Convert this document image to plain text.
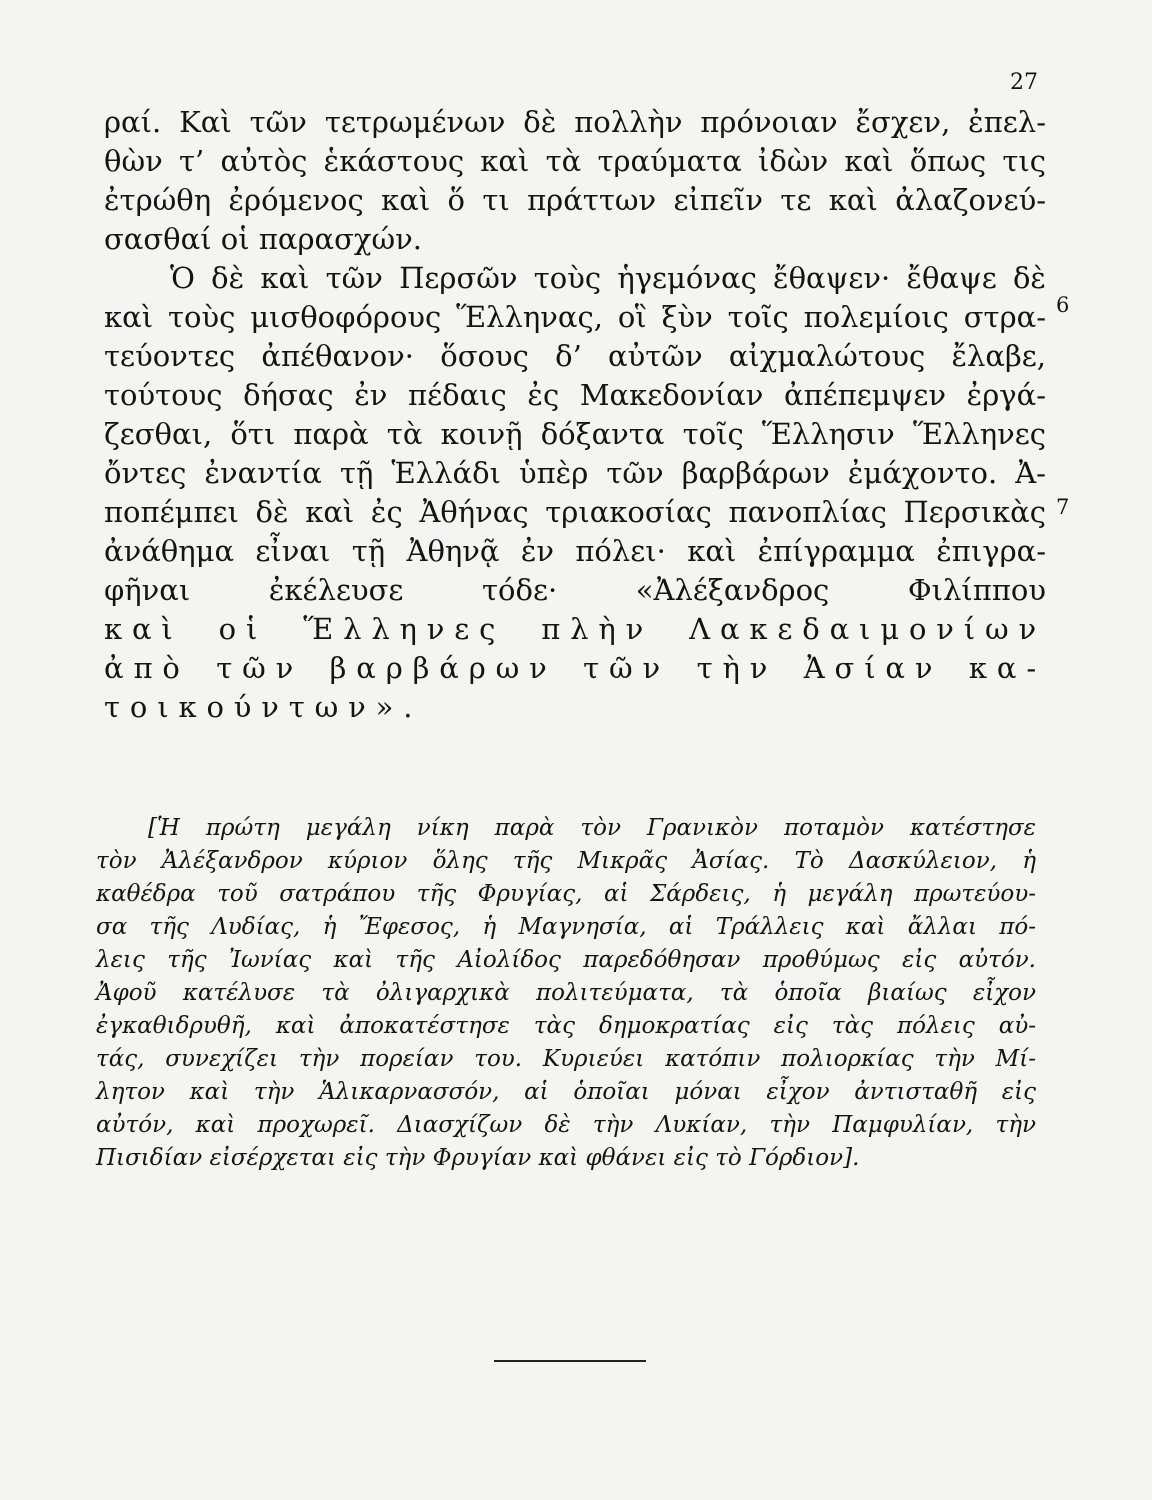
27
ραί. Καὶ τῶν τετρωμένων δὲ πολλὴν πρόνοιαν ἔσχεν, ἐπελ-
θὼν τ’ αὐτὸς ἑκάστους καὶ τὰ τραύματα ἰδὼν καὶ ὅπως τις
ἐτρώθη ἐρόμενος καὶ ὅ τι πράττων εἰπεῖν τε καὶ ἀλαζονεύ-
σασθαί οἱ παρασχών.
Ὁ δὲ καὶ τῶν Περσῶν τοὺς ἡγεμόνας ἔθαψεν· ἔθαψε δὲ
καὶ τοὺς μισθοφόρους Ἕλληνας, οἳ ξὺν τοῖς πολεμίοις στρα-
τεύοντες ἀπέθανον· ὅσους δ’ αὐτῶν αἰχμαλώτους ἔλαβε,
τούτους δήσας ἐν πέδαις ἐς Μακεδονίαν ἀπέπεμψεν ἐργά-
ζεσθαι, ὅτι παρὰ τὰ κοινῇ δόξαντα τοῖς Ἕλλησιν Ἕλληνες
ὄντες ἐναντία τῇ Ἑλλάδι ὑπὲρ τῶν βαρβάρων ἐμάχοντο. Ἀ-
ποπέμπει δὲ καὶ ἐς Ἀθήνας τριακοσίας πανοπλίας Περσικὰς
ἀνάθημα εἶναι τῇ Ἀθηνᾷ ἐν πόλει· καὶ ἐπίγραμμα ἐπιγρα-
φῆναι ἐκέλευσε τόδε· «Ἀλέξανδρος Φιλίππου
καὶ οἱ Ἕλληνες πλὴν Λακεδαιμονίων
ἀπὸ τῶν βαρβάρων τῶν τὴν Ἀσίαν κα-
τοικούντων».
6
7
[Ἡ πρώτη μεγάλη νίκη παρὰ τὸν Γρανικὸν ποταμὸν κατέστησε
τὸν Ἀλέξανδρον κύριον ὅλης τῆς Μικρᾶς Ἀσίας. Τὸ Δασκύλειον, ἡ
καθέδρα τοῦ σατράπου τῆς Φρυγίας, αἱ Σάρδεις, ἡ μεγάλη πρωτεύου-
σα τῆς Λυδίας, ἡ Ἔφεσος, ἡ Μαγνησία, αἱ Τράλλεις καὶ ἄλλαι πό-
λεις τῆς Ἰωνίας καὶ τῆς Αἰολίδος παρεδόθησαν προθύμως εἰς αὐτόν.
Ἀφοῦ κατέλυσε τὰ ὀλιγαρχικὰ πολιτεύματα, τὰ ὁποῖα βιαίως εἶχον
ἐγκαθιδρυθῆ, καὶ ἀποκατέστησε τὰς δημοκρατίας εἰς τὰς πόλεις αὐ-
τάς, συνεχίζει τὴν πορείαν του. Κυριεύει κατόπιν πολιορκίας τὴν Μί-
λητον καὶ τὴν Ἁλικαρνασσόν, αἱ ὁποῖαι μόναι εἶχον ἀντισταθῆ εἰς
αὐτόν, καὶ προχωρεῖ. Διασχίζων δὲ τὴν Λυκίαν, τὴν Παμφυλίαν, τὴν
Πισιδίαν εἰσέρχεται εἰς τὴν Φρυγίαν καὶ φθάνει εἰς τὸ Γόρδιον].
